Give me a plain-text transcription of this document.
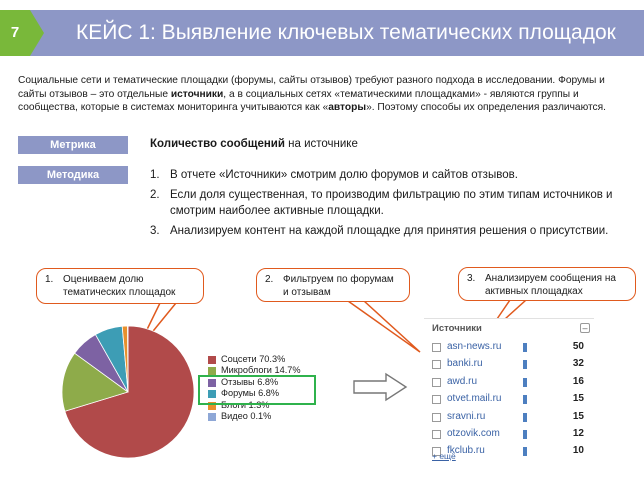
7	КЕЙС 1: Выявление ключевых тематических площадок

Социальные сети и тематические площадки (форумы, сайты отзывов) требуют разного подхода в исследовании. Форумы и сайты отзывов – это отдельные источники, а в социальных сетях «тематическими площадками» - являются группы и сообщества, которые в системах мониторинга учитываются как «авторы». Поэтому способы их определения различаются.

Метрика	Количество сообщений на источнике
Методика	1. В отчете «Источники» смотрим долю форумов и сайтов отзывов.
2. Если доля существенная, то производим фильтрацию по этим типам источников и смотрим наиболее активные площадки.
3. Анализируем контент на каждой площадке для принятия решения о присутствии.
1. Оцениваем долю тематических площадок
2. Фильтруем по форумам и отзывам
3. Анализируем сообщения на активных площадках
Соцсети 70.3%
Микроблоги 14.7%
Отзывы 6.8%
Форумы 6.8%
Блоги 1.3%
Видео 0.1%
Источники	–
asn-news.ru	50
banki.ru	32
awd.ru	16
otvet.mail.ru	15
sravni.ru	15
otzovik.com	12
fkclub.ru	10
+ ещё
